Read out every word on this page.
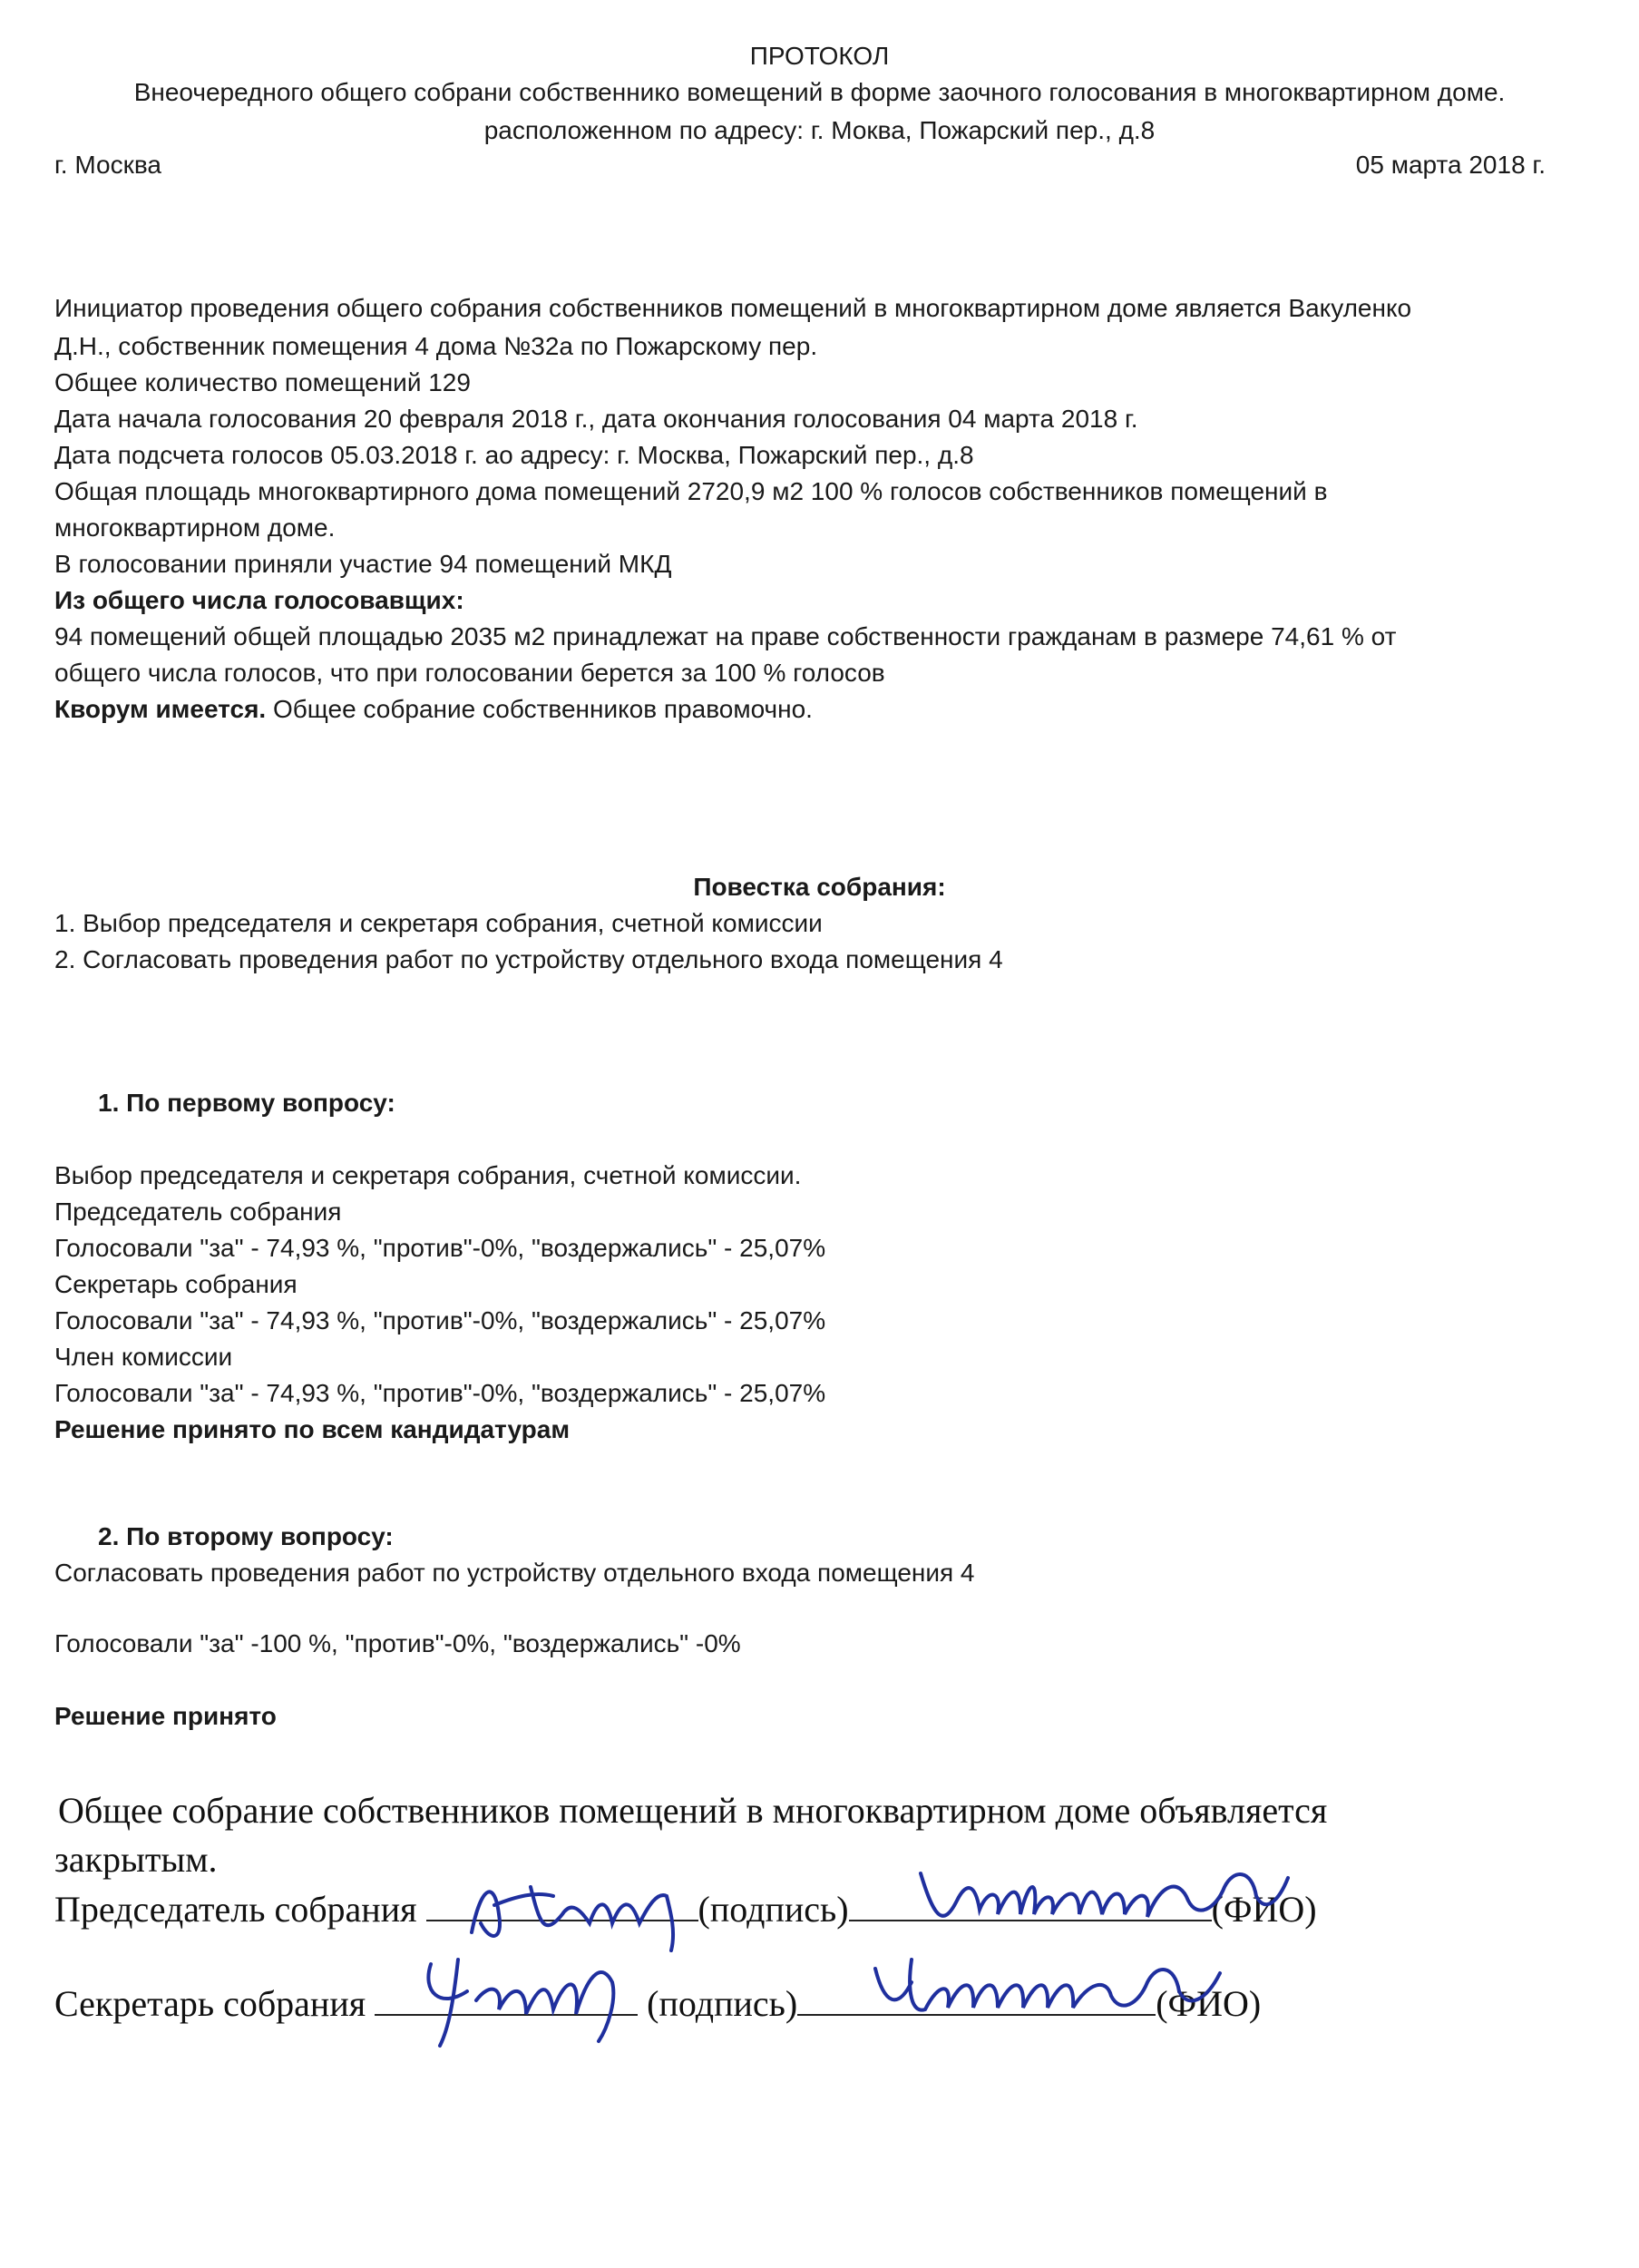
ПРОТОКОЛ
Внеочередного общего собрани собственнико вомещений в форме заочного голосования в многоквартирном доме.
расположенном по адресу: г. Моква, Пожарский пер., д.8
г. Москва	05 марта 2018 г.
Инициатор проведения общего собрания собственников помещений в многоквартирном доме является Вакуленко
Д.Н., собственник помещения 4 дома №32а по Пожарскому пер.
Общее количество помещений 129
Дата начала голосования 20 февраля 2018 г., дата окончания голосования 04 марта 2018 г.
Дата подсчета голосов 05.03.2018 г. ао адресу: г. Москва, Пожарский пер., д.8
Общая площадь многоквартирного дома помещений 2720,9 м2 100 % голосов собственников помещений в
многоквартирном доме.
В голосовании приняли участие 94 помещений МКД
Из общего числа голосовавщих:
94 помещений общей площадью 2035 м2 принадлежат на праве собственности гражданам в размере 74,61 % от
общего числа голосов, что при голосовании берется за 100 % голосов
Кворум имеется. Общее собрание собственников правомочно.
Повестка собрания:
1. Выбор председателя и секретаря собрания, счетной комиссии
2. Согласовать проведения работ по устройству отдельного входа помещения 4
1. По первому вопросу:
Выбор председателя и секретаря собрания, счетной комиссии.
Председатель собрания
Голосовали "за" - 74,93 %, "против"-0%, "воздержались" - 25,07%
Секретарь собрания
Голосовали "за" - 74,93 %, "против"-0%, "воздержались" - 25,07%
Член комиссии
Голосовали "за" - 74,93 %, "против"-0%, "воздержались" - 25,07%
Решение принято по всем кандидатурам
2. По второму вопросу:
Согласовать проведения работ по устройству отдельного входа помещения 4
Голосовали "за" -100 %, "против"-0%, "воздержались" -0%
Решение принято
Общее собрание собственников помещений в многоквартирном доме объявляется
закрытым.
Председатель собрания	(подпись)	(ФИО)
Секретарь собрания	(подпись)	(ФИО)
